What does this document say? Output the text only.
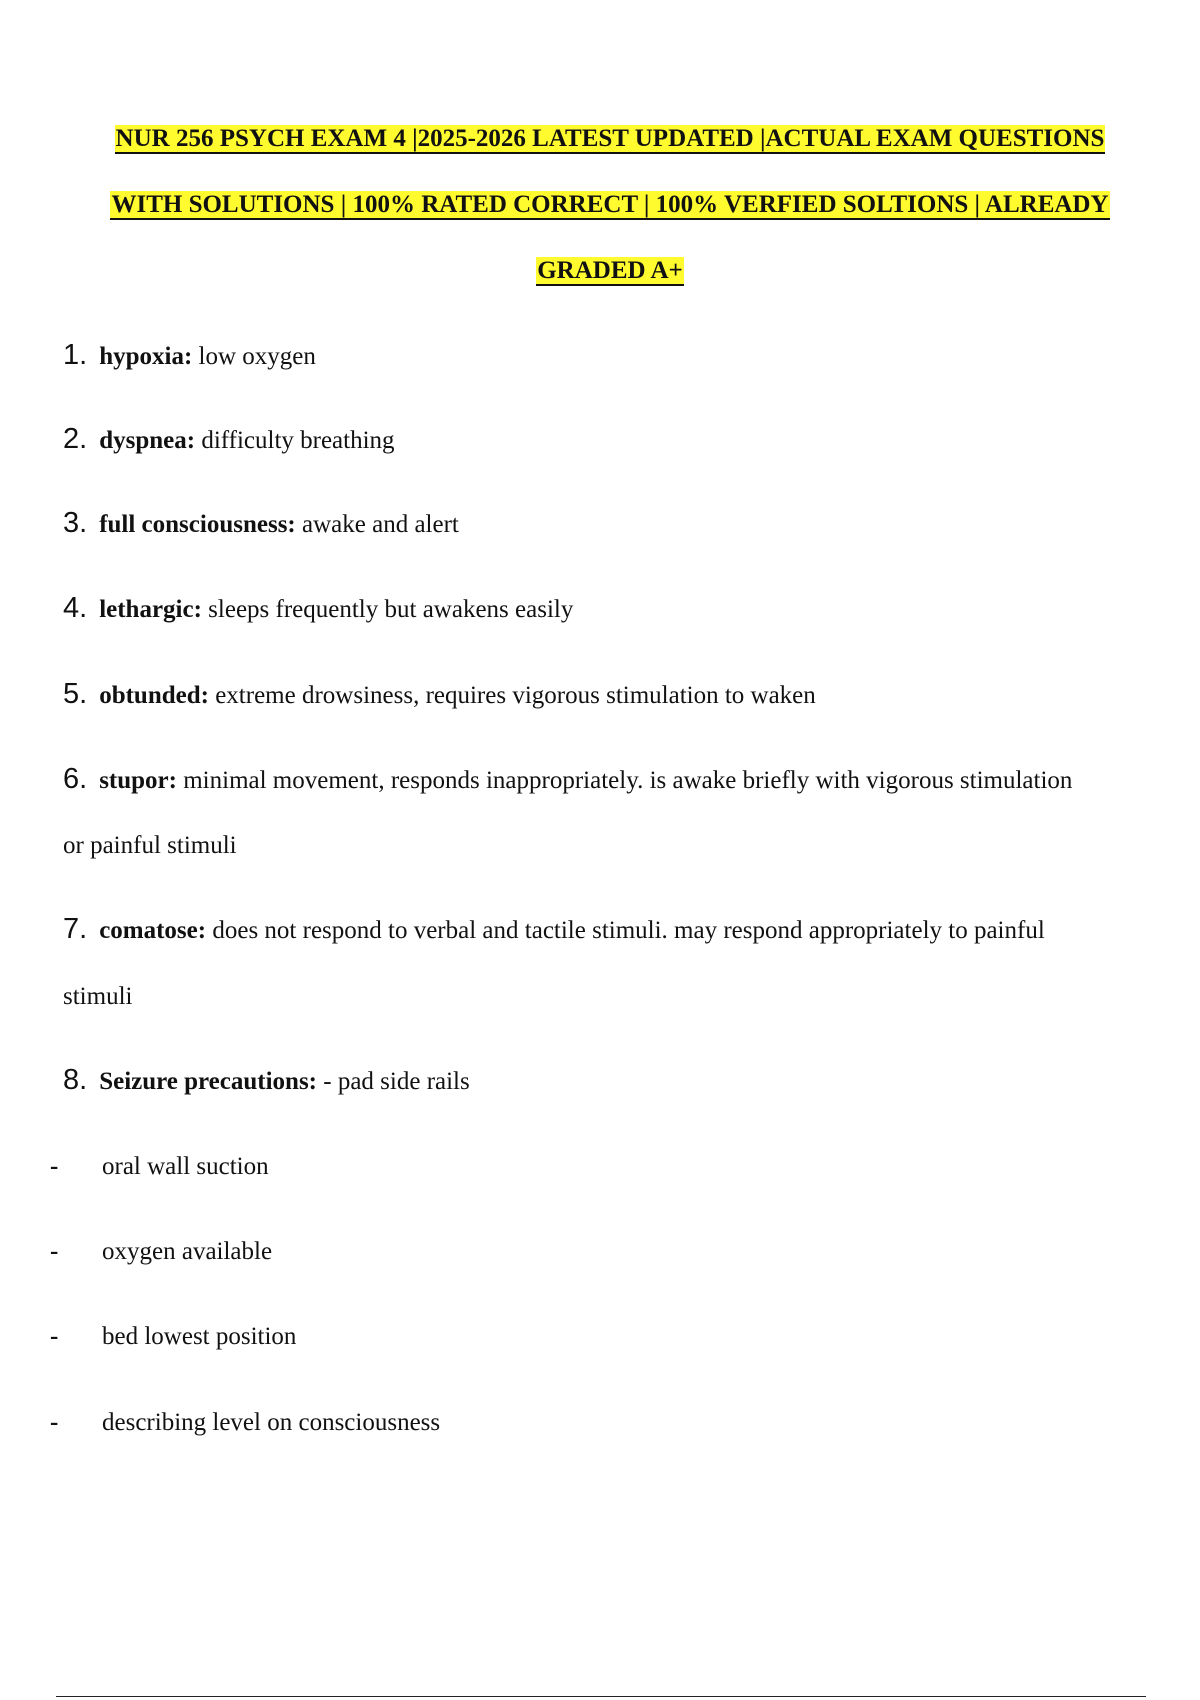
NUR 256 PSYCH EXAM 4 |2025-2026 LATEST UPDATED |ACTUAL EXAM QUESTIONS
WITH SOLUTIONS | 100% RATED CORRECT | 100% VERFIED SOLTIONS | ALREADY
GRADED A+
1. hypoxia: low oxygen
2. dyspnea: difficulty breathing
3. full consciousness: awake and alert
4. lethargic: sleeps frequently but awakens easily
5. obtunded: extreme drowsiness, requires vigorous stimulation to waken
6. stupor: minimal movement, responds inappropriately. is awake briefly with vigorous stimulation
or painful stimuli
7. comatose: does not respond to verbal and tactile stimuli. may respond appropriately to painful
stimuli
8. Seizure precautions: - pad side rails
- oral wall suction
- oxygen available
- bed lowest position
- describing level on consciousness
